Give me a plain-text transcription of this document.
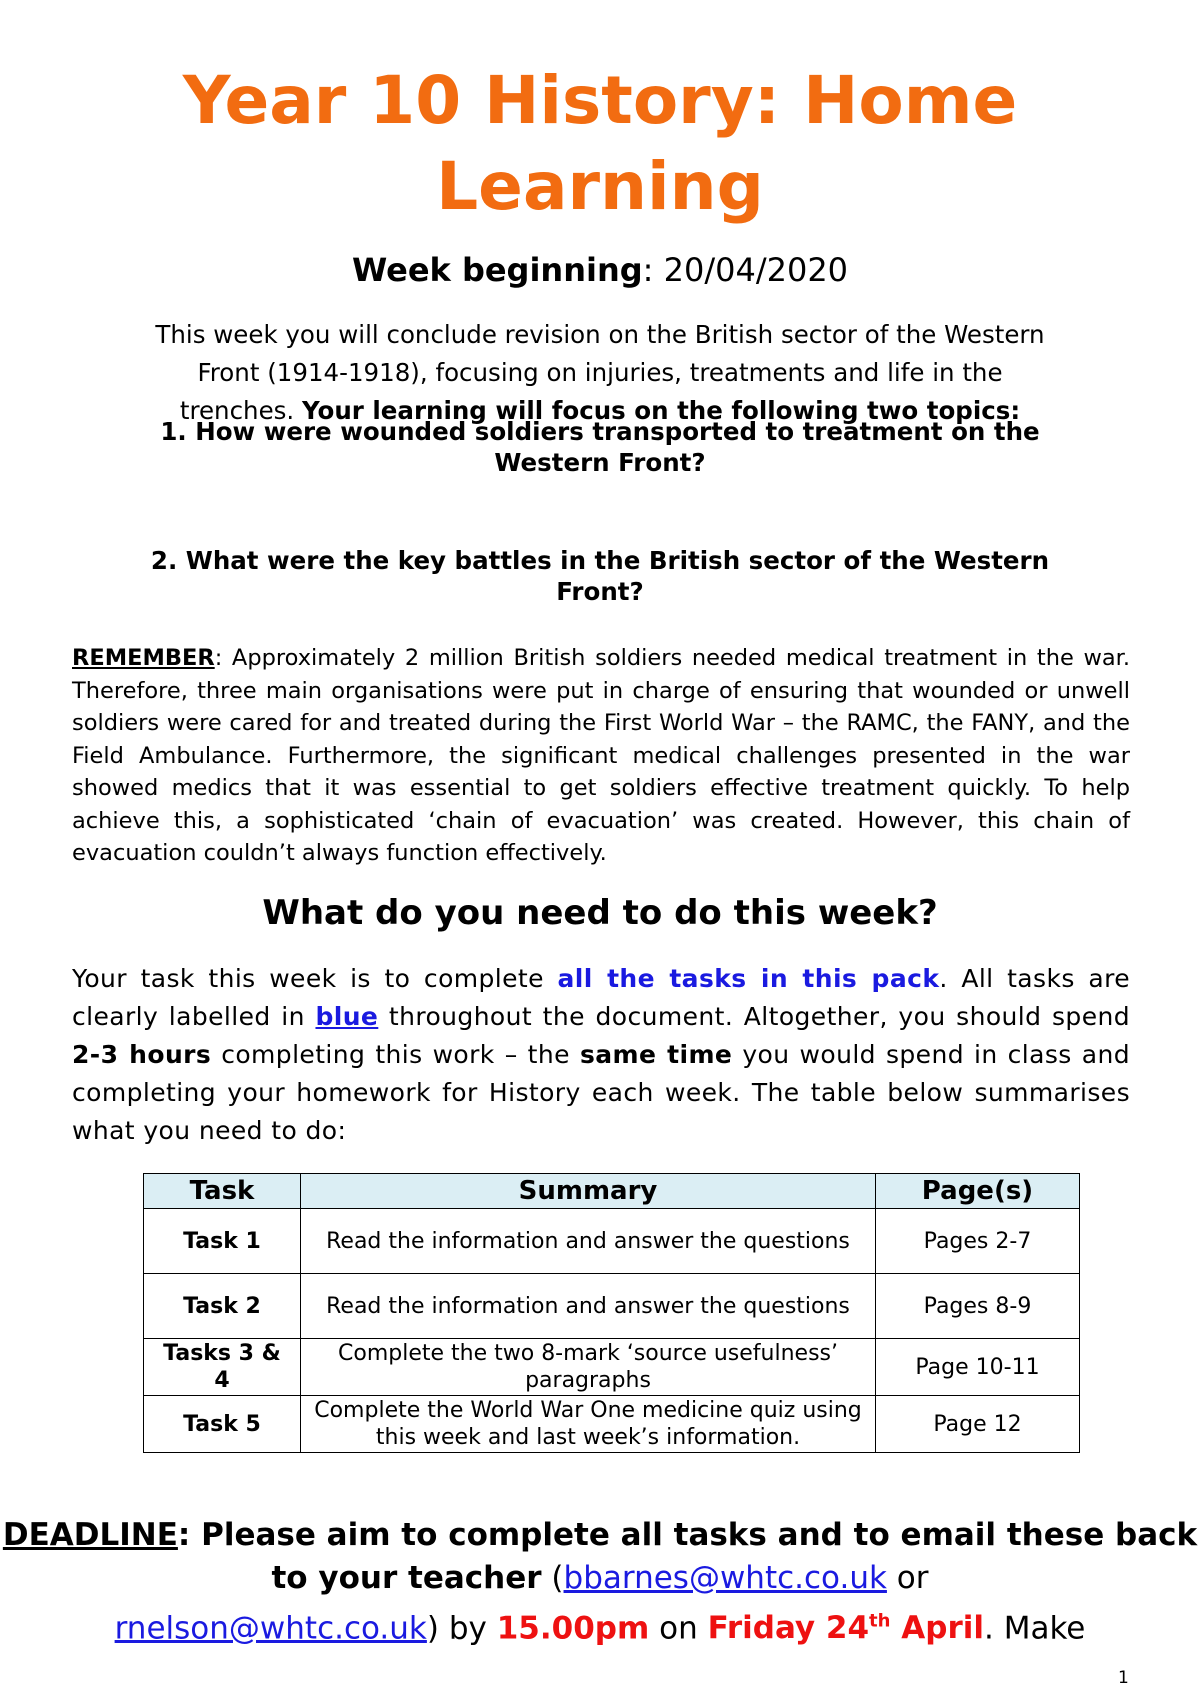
Year 10 History: Home
Learning
Week beginning: 20/04/2020
This week you will conclude revision on the British sector of the Western
Front (1914-1918), focusing on injuries, treatments and life in the
trenches. Your learning will focus on the following two topics:
1. How were wounded soldiers transported to treatment on the
Western Front?
2. What were the key battles in the British sector of the Western
Front?
REMEMBER: Approximately 2 million British soldiers needed medical treatment in the war. Therefore, three main organisations were put in charge of ensuring that wounded or unwell soldiers were cared for and treated during the First World War – the RAMC, the FANY, and the Field Ambulance. Furthermore, the significant medical challenges presented in the war showed medics that it was essential to get soldiers effective treatment quickly. To help achieve this, a sophisticated ‘chain of evacuation’ was created. However, this chain of evacuation couldn’t always function effectively.
What do you need to do this week?
Your task this week is to complete all the tasks in this pack. All tasks are clearly labelled in blue throughout the document. Altogether, you should spend 2-3 hours completing this work – the same time you would spend in class and completing your homework for History each week. The table below summarises what you need to do:
Task	Summary	Page(s)
Task 1	Read the information and answer the questions	Pages 2-7
Task 2	Read the information and answer the questions	Pages 8-9
Tasks 3 & 4	Complete the two 8-mark ‘source usefulness’ paragraphs	Page 10-11
Task 5	Complete the World War One medicine quiz using this week and last week’s information.	Page 12
DEADLINE: Please aim to complete all tasks and to email these back to your teacher (bbarnes@whtc.co.uk or
rnelson@whtc.co.uk) by 15.00pm on Friday 24th April. Make
1
